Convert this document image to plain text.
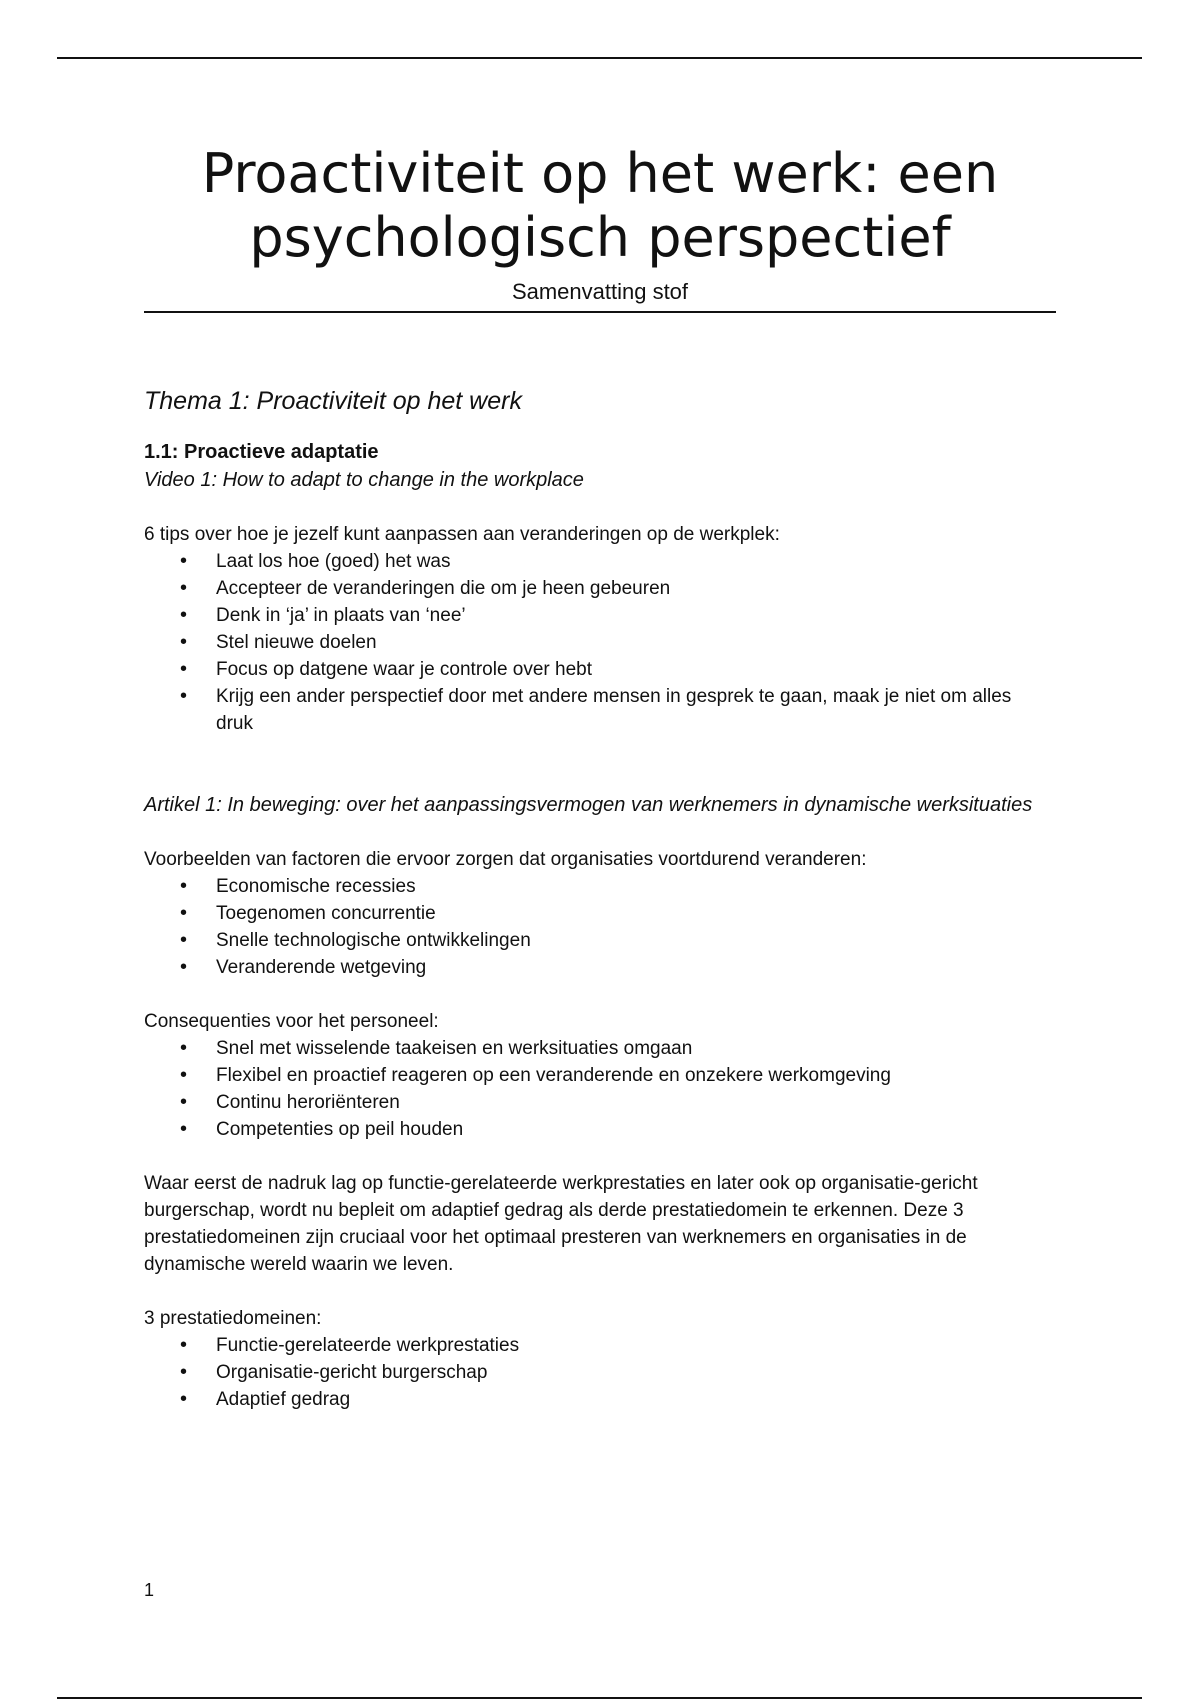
Proactiviteit op het werk: een psychologisch perspectief
Samenvatting stof
Thema 1: Proactiviteit op het werk
1.1: Proactieve adaptatie
Video 1: How to adapt to change in the workplace

6 tips over hoe je jezelf kunt aanpassen aan veranderingen op de werkplek:

• Laat los hoe (goed) het was
• Accepteer de veranderingen die om je heen gebeuren
• Denk in ‘ja’ in plaats van ‘nee’
• Stel nieuwe doelen
• Focus op datgene waar je controle over hebt
• Krijg een ander perspectief door met andere mensen in gesprek te gaan, maak je niet om alles druk
Artikel 1: In beweging: over het aanpassingsvermogen van werknemers in dynamische werksituaties

Voorbeelden van factoren die ervoor zorgen dat organisaties voortdurend veranderen:

• Economische recessies
• Toegenomen concurrentie
• Snelle technologische ontwikkelingen
• Veranderende wetgeving

Consequenties voor het personeel:

• Snel met wisselende taakeisen en werksituaties omgaan
• Flexibel en proactief reageren op een veranderende en onzekere werkomgeving
• Continu heroriënteren
• Competenties op peil houden

Waar eerst de nadruk lag op functie-gerelateerde werkprestaties en later ook op organisatie-gericht burgerschap, wordt nu bepleit om adaptief gedrag als derde prestatiedomein te erkennen. Deze 3 prestatiedomeinen zijn cruciaal voor het optimaal presteren van werknemers en organisaties in de dynamische wereld waarin we leven.

3 prestatiedomeinen:

• Functie-gerelateerde werkprestaties
• Organisatie-gericht burgerschap
• Adaptief gedrag
1
